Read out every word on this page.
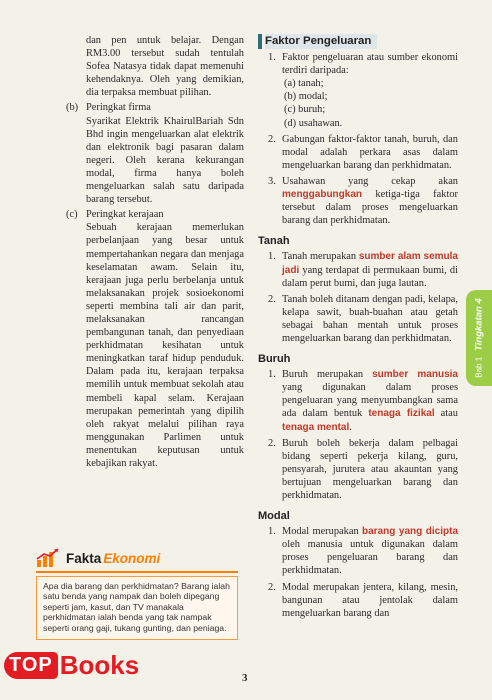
dan pen untuk belajar. Dengan RM3.00 tersebut sudah tentulah Sofea Natasya tidak dapat memenuhi kehendaknya. Oleh yang demikian, dia terpaksa membuat pilihan.

(b) Peringkat firma

Syarikat Elektrik KhairulBariah Sdn Bhd ingin mengeluarkan alat elektrik dan elektronik bagi pasaran dalam negeri. Oleh kerana kekurangan modal, firma hanya boleh mengeluarkan salah satu daripada barang tersebut.

(c) Peringkat kerajaan

Sebuah kerajaan memerlukan perbelanjaan yang besar untuk mempertahankan negara dan menjaga keselamatan awam. Selain itu, kerajaan juga perlu berbelanja untuk melaksanakan projek sosioekonomi seperti membina tali air dan parit, melaksanakan rancangan pembangunan tanah, dan penyediaan perkhidmatan kesihatan untuk meningkatkan taraf hidup penduduk. Dalam pada itu, kerajaan terpaksa memilih untuk membuat sekolah atau membeli kapal selam. Kerajaan merupakan pemerintah yang dipilih oleh rakyat melalui pilihan raya menggunakan Parlimen untuk menentukan keputusan untuk kebajikan rakyat.

Fakta Ekonomi
Apa dia barang dan perkhidmatan? Barang ialah satu benda yang nampak dan boleh dipegang seperti jam, kasut, dan TV manakala perkhidmatan ialah benda yang tak nampak seperti orang gaji, tukang gunting, dan peniaga.
Faktor Pengeluaran
1. Faktor pengeluaran atau sumber ekonomi terdiri daripada:

(a) tanah;
(b) modal;
(c) buruh;
(d) usahawan.
2. Gabungan faktor-faktor tanah, buruh, dan modal adalah perkara asas dalam mengeluarkan barang dan perkhidmatan.

3. Usahawan yang cekap akan menggabungkan ketiga-tiga faktor tersebut dalam proses mengeluarkan barang dan perkhidmatan.

Tanah
1. Tanah merupakan sumber alam semula jadi yang terdapat di permukaan bumi, di dalam perut bumi, dan juga lautan.

2. Tanah boleh ditanam dengan padi, kelapa, kelapa sawit, buah-buahan atau getah sebagai bahan mentah untuk proses mengeluarkan barang dan perkhidmatan.

Buruh
1. Buruh merupakan sumber manusia yang digunakan dalam proses pengeluaran yang menyumbangkan sama ada dalam bentuk tenaga fizikal atau tenaga mental.

2. Buruh boleh bekerja dalam pelbagai bidang seperti pekerja kilang, guru, pensyarah, jurutera atau akauntan yang bertujuan mengeluarkan barang dan perkhidmatan.

Modal
1. Modal merupakan barang yang dicipta oleh manusia untuk digunakan dalam proses pengeluaran barang dan perkhidmatan.

2. Modal merupakan jentera, kilang, mesin, bangunan atau jentolak dalam mengeluarkan barang dan

Bab 1Tingkatan 4
3
TOP Books
